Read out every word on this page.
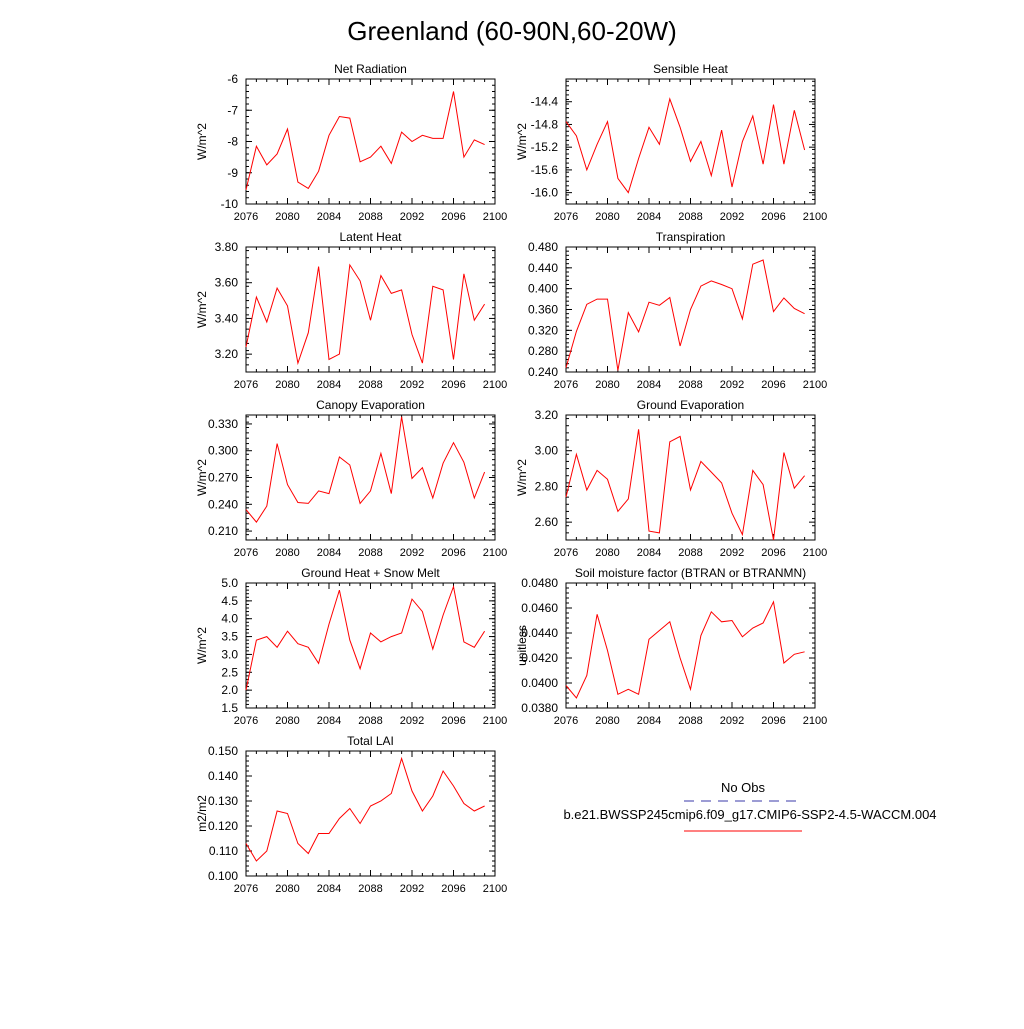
Greenland (60-90N,60-20W)
Net Radiation
W/m^2
2076 2080 2084 2088 2092 2096 2100
-6
-7
-8
-9
-10
Sensible Heat
W/m^2
2076 2080 2084 2088 2092 2096 2100
-14.4
-14.8
-15.2
-15.6
-16.0
Latent Heat
W/m^2
2076 2080 2084 2088 2092 2096 2100
3.80
3.60
3.40
3.20
Transpiration
2076 2080 2084 2088 2092 2096 2100
0.480
0.440
0.400
0.360
0.320
0.280
0.240
Canopy Evaporation
W/m^2
2076 2080 2084 2088 2092 2096 2100
0.330
0.300
0.270
0.240
0.210
Ground Evaporation
W/m^2
2076 2080 2084 2088 2092 2096 2100
3.20
3.00
2.80
2.60
Ground Heat + Snow Melt
W/m^2
2076 2080 2084 2088 2092 2096 2100
5.0
4.5
4.0
3.5
3.0
2.5
2.0
1.5
Soil moisture factor (BTRAN or BTRANMN)
unitless
2076 2080 2084 2088 2092 2096 2100
0.0480
0.0460
0.0440
0.0420
0.0400
0.0380
Total LAI
m2/m2
2076 2080 2084 2088 2092 2096 2100
0.150
0.140
0.130
0.120
0.110
0.100
No Obs
b.e21.BWSSP245cmip6.f09_g17.CMIP6-SSP2-4.5-WACCM.004
